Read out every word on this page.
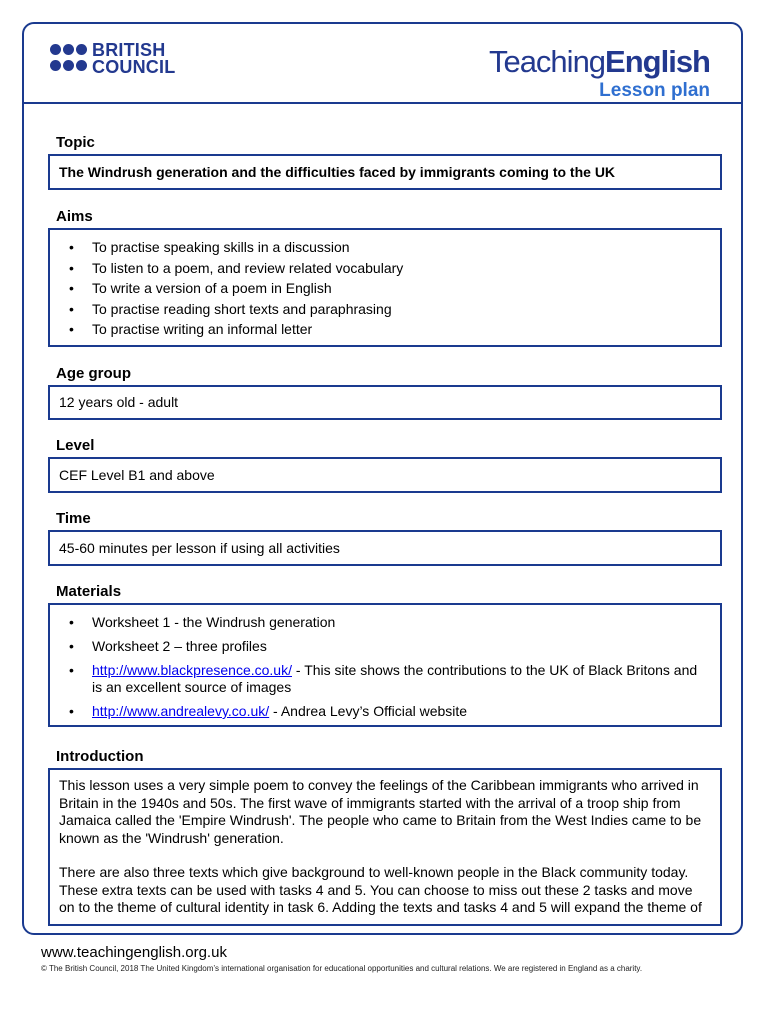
BRITISH
COUNCIL	TeachingEnglish
Lesson plan
Topic
The Windrush generation and the difficulties faced by immigrants coming to the UK
Aims
• To practise speaking skills in a discussion
• To listen to a poem, and review related vocabulary
• To write a version of a poem in English
• To practise reading short texts and paraphrasing
• To practise writing an informal letter
Age group
12 years old - adult
Level
CEF Level B1 and above
Time
45-60 minutes per lesson if using all activities
Materials
• Worksheet 1 - the Windrush generation
• Worksheet 2 – three profiles
• http://www.blackpresence.co.uk/ - This site shows the contributions to the UK of Black Britons and is an excellent source of images
• http://www.andrealevy.co.uk/ - Andrea Levy’s Official website
Introduction

This lesson uses a very simple poem to convey the feelings of the Caribbean immigrants who arrived in Britain in the 1940s and 50s. The first wave of immigrants started with the arrival of a troop ship from Jamaica called the 'Empire Windrush'. The people who came to Britain from the West Indies came to be known as the 'Windrush' generation.

There are also three texts which give background to well-known people in the Black community today. These extra texts can be used with tasks 4 and 5. You can choose to miss out these 2 tasks and move on to the theme of cultural identity in task 6. Adding the texts and tasks 4 and 5 will expand the theme of

www.teachingenglish.org.uk
© The British Council, 2018 The United Kingdom’s international organisation for educational opportunities and cultural relations. We are registered in England as a charity.
